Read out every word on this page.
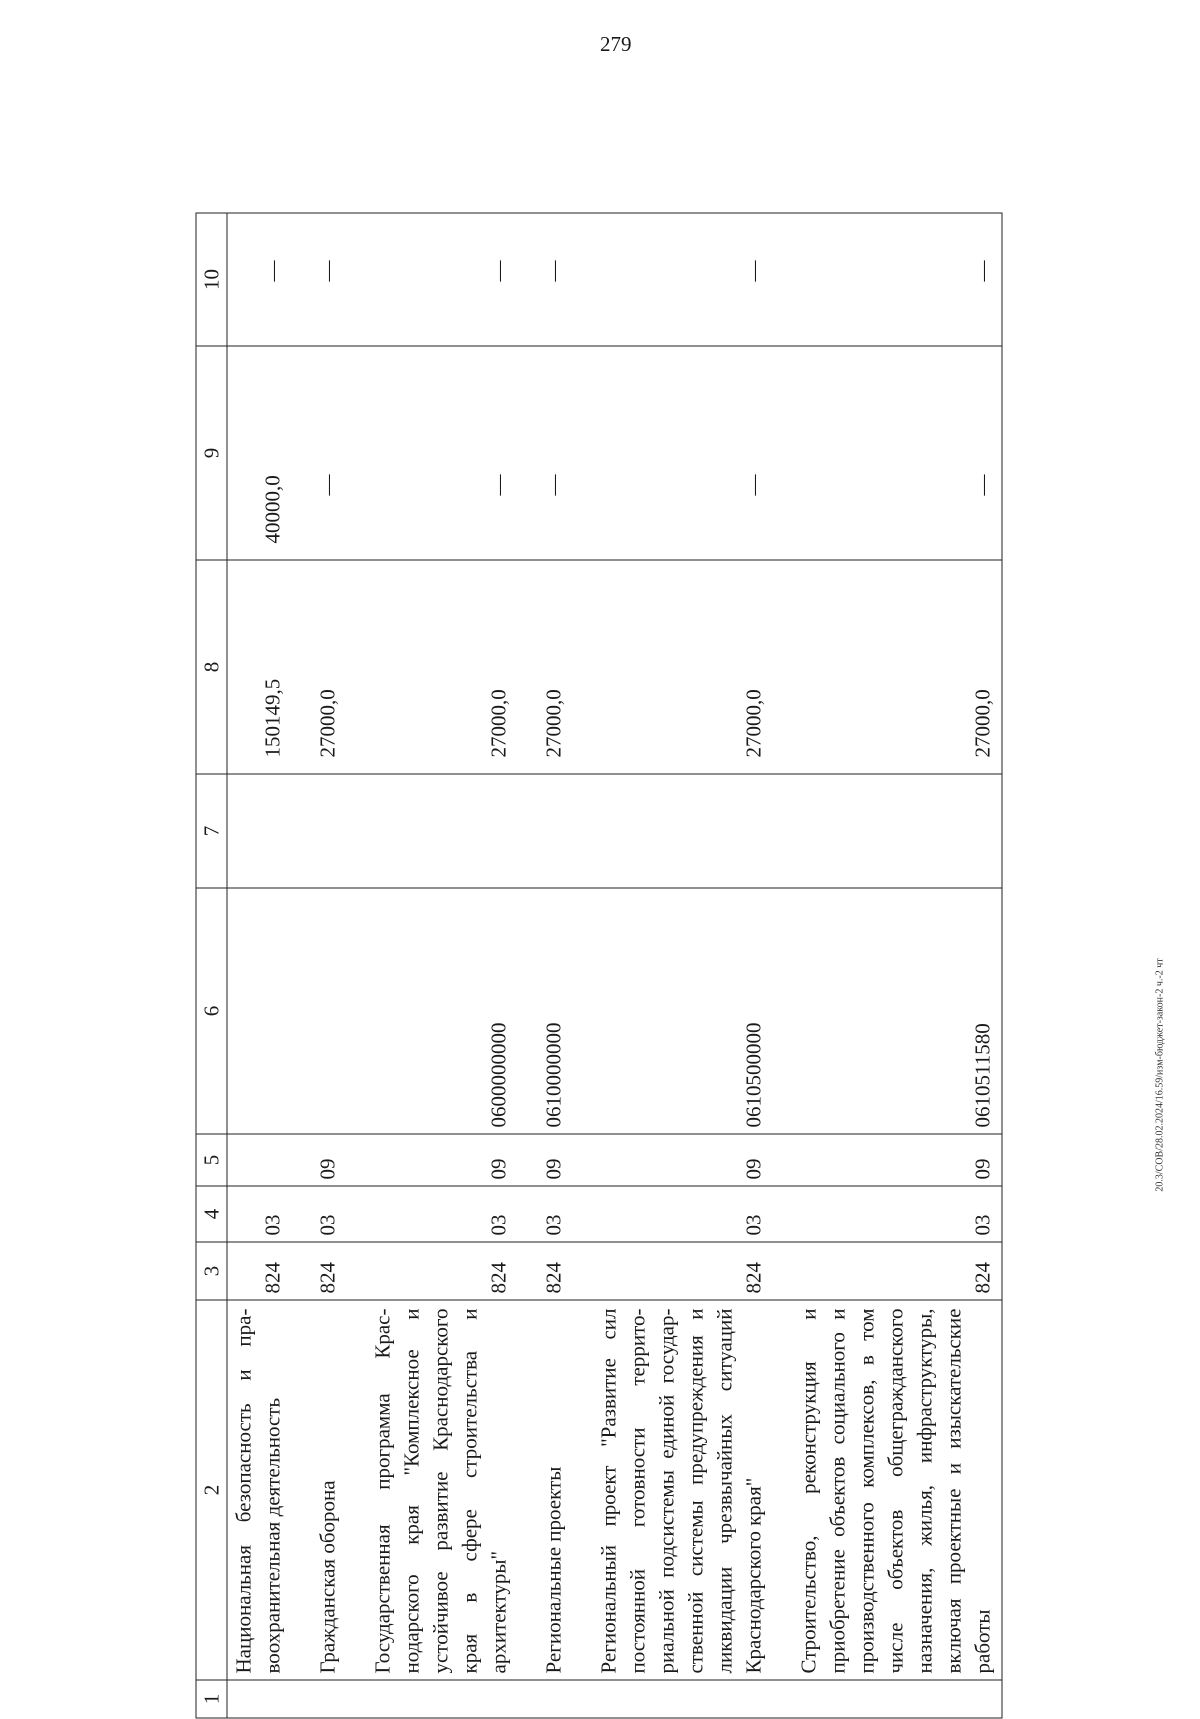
279
1	2	3	4	5	6	7	8	9	10
	Национальная безопасность и правоохранительная деятельность	824	03				150149,5	40000,0	—
	Гражданская оборона	824	03	09			27000,0	—	—
	Государственная программа Краснодарского края "Комплексное и устойчивое развитие Краснодарского края в сфере строительства и архитектуры"	824	03	09	0600000000		27000,0	—	—
	Региональные проекты	824	03	09	0610000000		27000,0	—	—
	Региональный проект "Развитие сил постоянной готовности территориальной подсистемы единой государственной системы предупреждения и ликвидации чрезвычайных ситуаций Краснодарского края"	824	03	09	0610500000		27000,0	—	—
	Строительство, реконструкция и приобретение объектов социального и производственного комплексов, в том числе объектов общегражданского назначения, жилья, инфраструктуры, включая проектные и изыскательские работы	824	03	09	0610511580		27000,0	—	—
20.3/СОВ/28.02.2024/16.59/изм-бюджет-закон-2 ч.-2 чт
